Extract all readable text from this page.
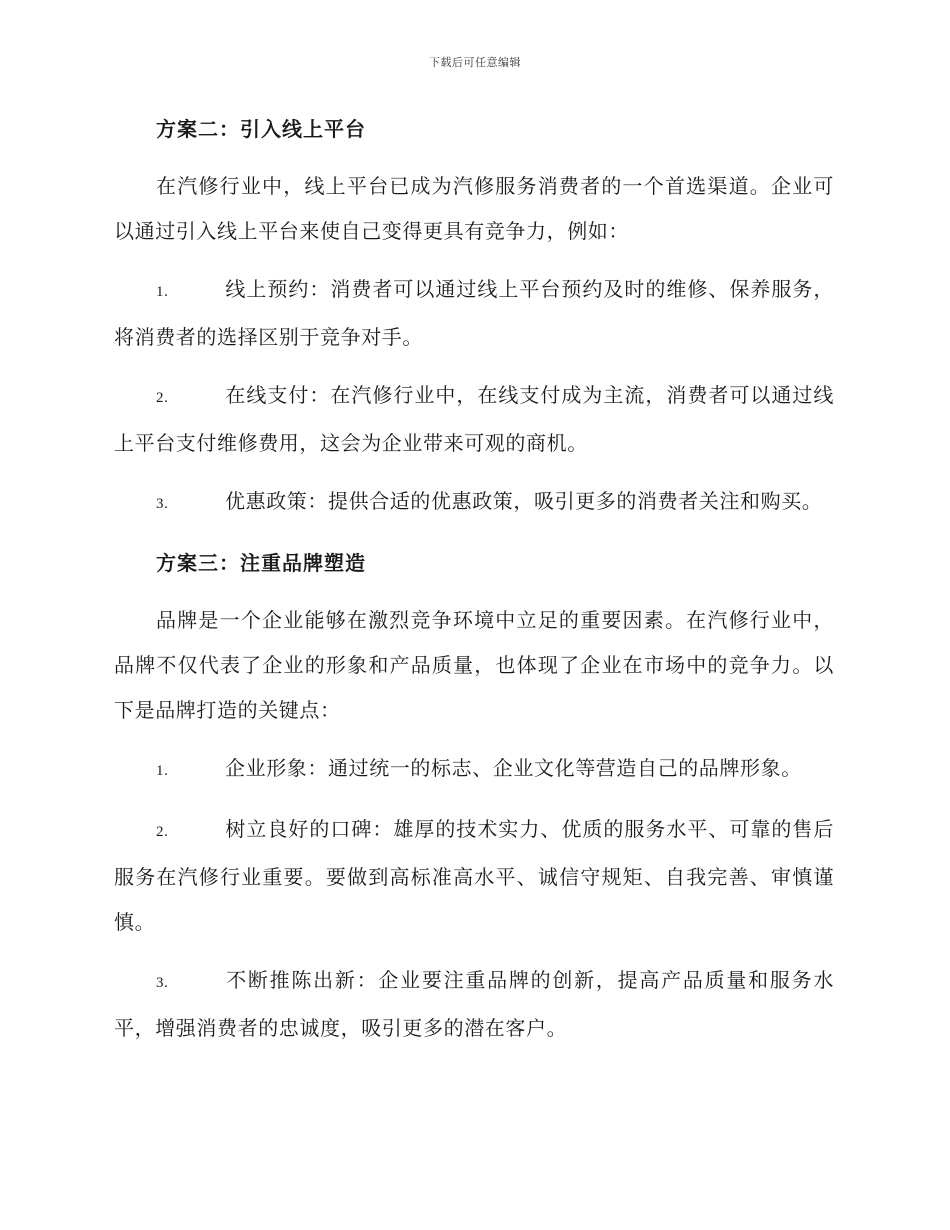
下载后可任意编辑
方案二：引入线上平台

在汽修行业中，线上平台已成为汽修服务消费者的一个首选渠道。企业可以通过引入线上平台来使自己变得更具有竞争力，例如：

1.	线上预约：消费者可以通过线上平台预约及时的维修、保养服务，将消费者的选择区别于竞争对手。

2.	在线支付：在汽修行业中，在线支付成为主流，消费者可以通过线上平台支付维修费用，这会为企业带来可观的商机。

3.	优惠政策：提供合适的优惠政策，吸引更多的消费者关注和购买。

方案三：注重品牌塑造

品牌是一个企业能够在激烈竞争环境中立足的重要因素。在汽修行业中，品牌不仅代表了企业的形象和产品质量，也体现了企业在市场中的竞争力。以下是品牌打造的关键点：

1.	企业形象：通过统一的标志、企业文化等营造自己的品牌形象。

2.	树立良好的口碑：雄厚的技术实力、优质的服务水平、可靠的售后服务在汽修行业重要。要做到高标准高水平、诚信守规矩、自我完善、审慎谨慎。

3.	不断推陈出新：企业要注重品牌的创新，提高产品质量和服务水平，增强消费者的忠诚度，吸引更多的潜在客户。
